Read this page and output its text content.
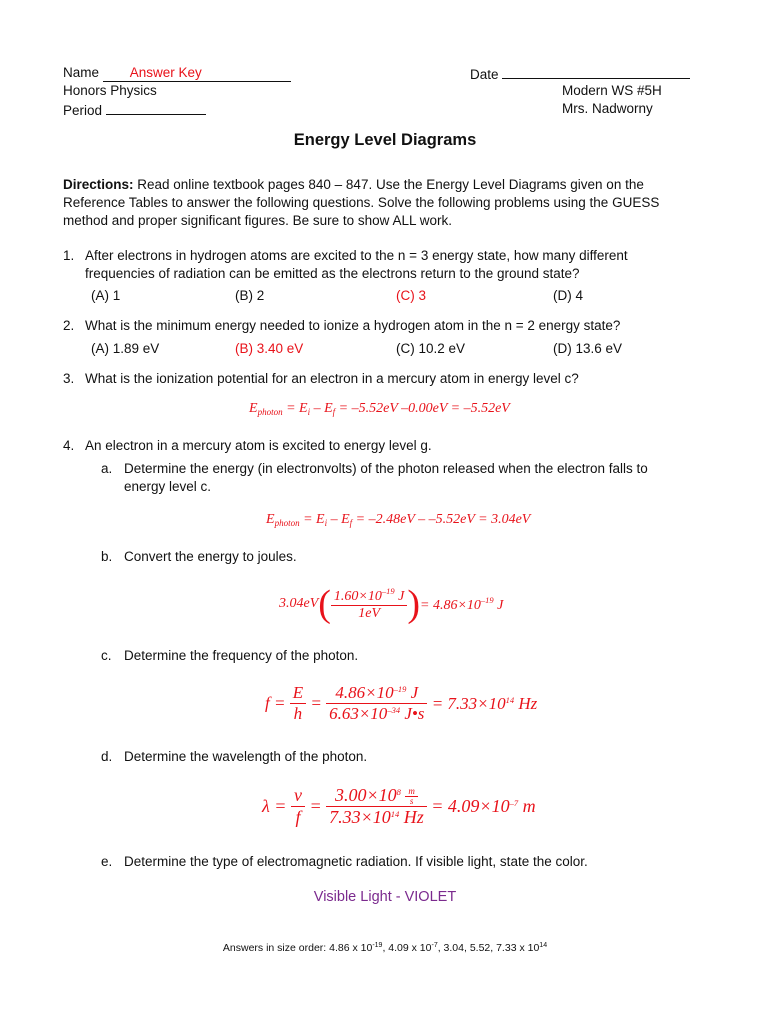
Name Answer Key
Honors Physics
Period
Date
Modern WS #5H
Mrs. Nadworny
Energy Level Diagrams
Directions: Read online textbook pages 840 – 847. Use the Energy Level Diagrams given on the
Reference Tables to answer the following questions. Solve the following problems using the GUESS
method and proper significant figures. Be sure to show ALL work.
1. After electrons in hydrogen atoms are excited to the n = 3 energy state, how many different
frequencies of radiation can be emitted as the electrons return to the ground state?
(A) 1	(B) 2	(C) 3	(D) 4
2. What is the minimum energy needed to ionize a hydrogen atom in the n = 2 energy state?
(A) 1.89 eV	(B) 3.40 eV	(C) 10.2 eV	(D) 13.6 eV
3. What is the ionization potential for an electron in a mercury atom in energy level c?
$E_{photon} = E_i - E_f = -5.52eV$ –0.00eV = –5.52eV
4. An electron in a mercury atom is excited to energy level g.
a. Determine the energy (in electronvolts) of the photon released when the electron falls to
energy level c.
$E_{photon} = E_i - E_f = -2.48eV - -5.52eV = 3.04eV$
b. Convert the energy to joules.
$3.04eV( \frac{1.60\times 10^{-19} J}{1eV}$ )= $4.86\times 10^{-19}$ J
c. Determine the frequency of the photon.
$f = \frac{E}{h} = \frac{4.86\times 10^{-19} J}{6.63\times 10^{-34} J•s} = 7.33\times 10^{14}$ Hz
d. Determine the wavelength of the photon.
$\lambda = \frac{v}{f} = \frac{3.00\times 10^8 \frac{m}{s}}{7.33\times 10^{14} Hz} = 4.09\times 10^{-7}$ m
e. Determine the type of electromagnetic radiation. If visible light, state the color.
Visible Light - VIOLET
Answers in size order: 4.86 x $10^{-19}$, 4.09 x $10^{-7}$, 3.04, 5.52, 7.33 x $10^{14}$
